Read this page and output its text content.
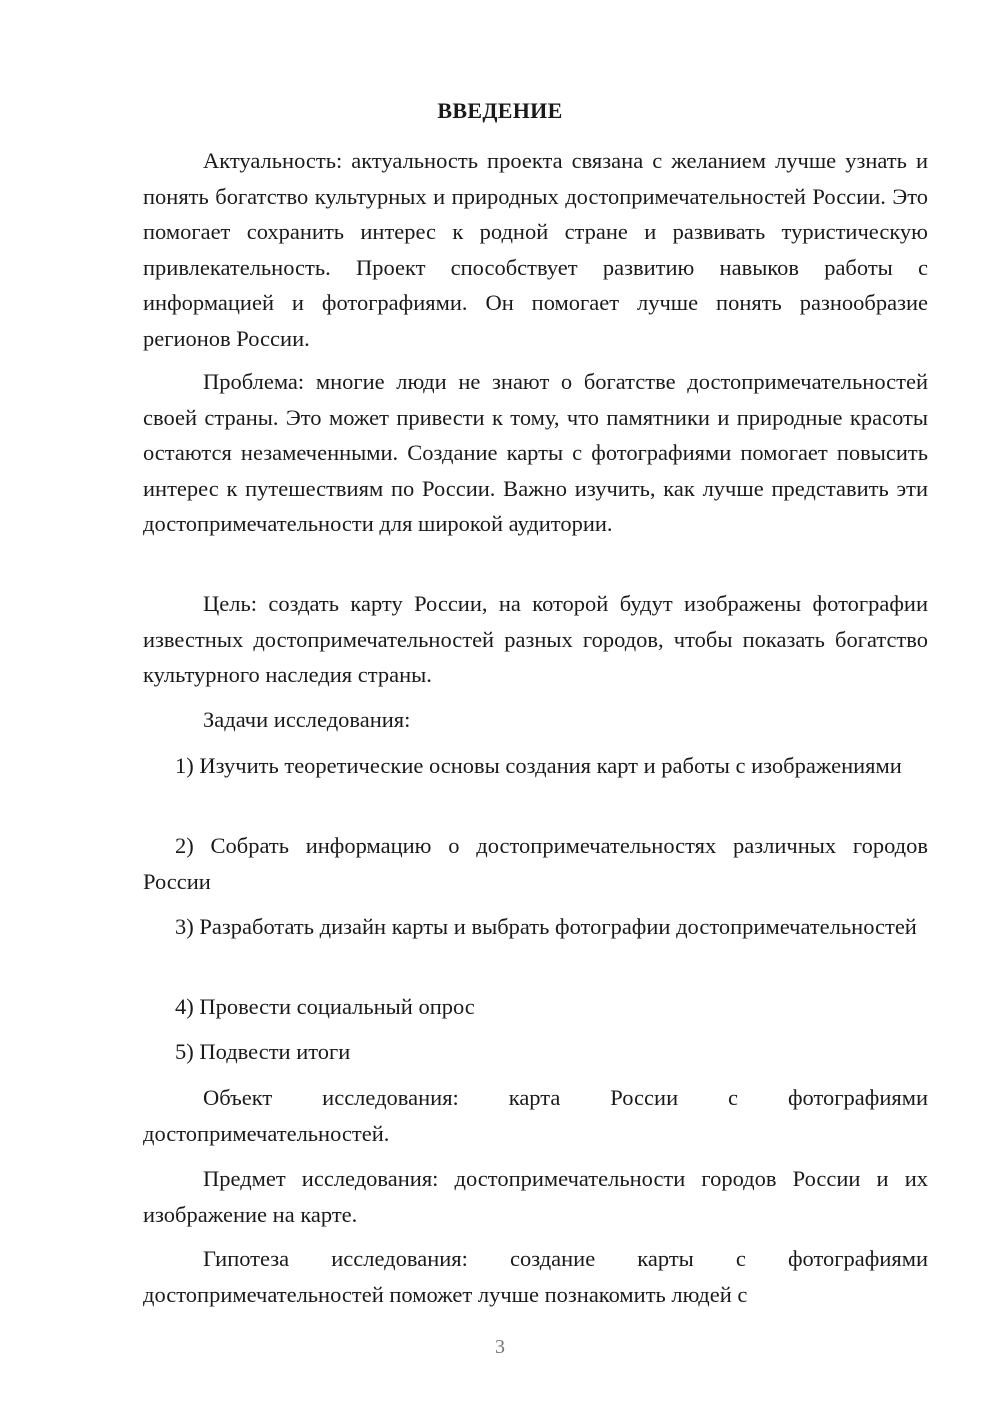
ВВЕДЕНИЕ

Актуальность: актуальность проекта связана с желанием лучше узнать и понять богатство культурных и природных достопримечательностей России. Это помогает сохранить интерес к родной стране и развивать туристическую привлекательность. Проект способствует развитию навыков работы с информацией и фотографиями. Он помогает лучше понять разнообразие регионов России.

Проблема: многие люди не знают о богатстве достопримечательностей своей страны. Это может привести к тому, что памятники и природные красоты остаются незамеченными. Создание карты с фотографиями помогает повысить интерес к путешествиям по России. Важно изучить, как лучше представить эти достопримечательности для широкой аудитории.

Цель: создать карту России, на которой будут изображены фотографии известных достопримечательностей разных городов, чтобы показать богатство культурного наследия страны.

Задачи исследования:

1) Изучить теоретические основы создания карт и работы с изображениями

2) Собрать информацию о достопримечательностях различных городов России

3) Разработать дизайн карты и выбрать фотографии достопримечательностей

4) Провести социальный опрос

5) Подвести итоги

Объект исследования: карта России с фотографиями достопримечательностей.

Предмет исследования: достопримечательности городов России и их изображение на карте.

Гипотеза исследования: создание карты с фотографиями достопримечательностей поможет лучше познакомить людей с

3
